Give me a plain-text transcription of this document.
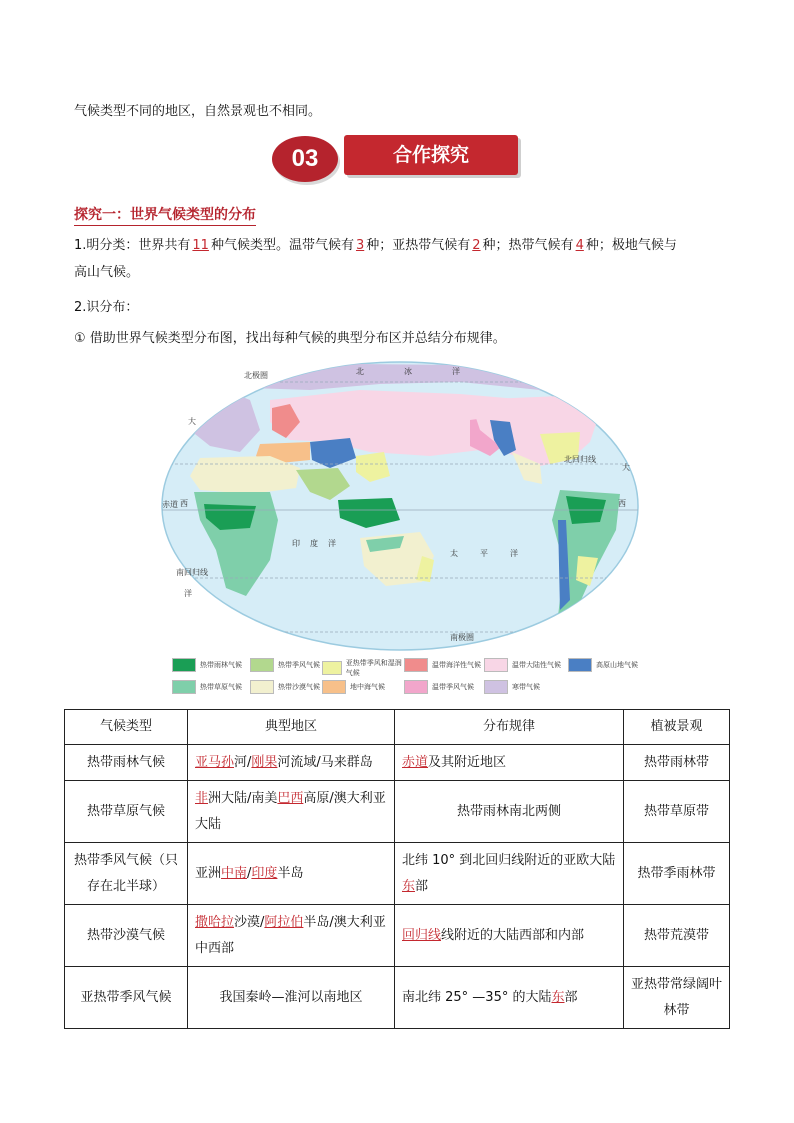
气候类型不同的地区，自然景观也不相同。
03	合作探究
探究一：世界气候类型的分布
1.明分类：世界共有 11 种气候类型。温带气候有 3 种；亚热带气候有 2 种；热带气候有 4 种；极地气候与
高山气候。
2.识分布：
① 借助世界气候类型分布图，找出每种气候的典型分布区并总结分布规律。
北极圈	北	冰	洋
大
西
洋
印 度 洋
太	平	洋
北回归线
赤道
南回归线
南极圈
大
西
热带雨林气候	热带季风气候	亚热带季风和湿润气候
温带海洋性气候	温带大陆性气候	高原山地气候
热带草原气候	热带沙漠气候	地中海气候	温带季风气候	寒带气候
气候类型	典型地区	分布规律	植被景观
热带雨林气候	亚马孙河/刚果河流域/马来群岛	赤道及其附近地区	热带雨林带
热带草原气候	非洲大陆/南美巴西高原/澳大利亚大陆	热带雨林南北两侧	热带草原带
热带季风气候（只存在北半球）	亚洲中南/印度半岛	北纬 10° 到北回归线附近的亚欧大陆东部	热带季雨林带
热带沙漠气候	撒哈拉沙漠/阿拉伯半岛/澳大利亚中西部	回归线线附近的大陆西部和内部	热带荒漠带
亚热带季风气候	我国秦岭—淮河以南地区	南北纬 25° —35° 的大陆东部	亚热带常绿阔叶林带
